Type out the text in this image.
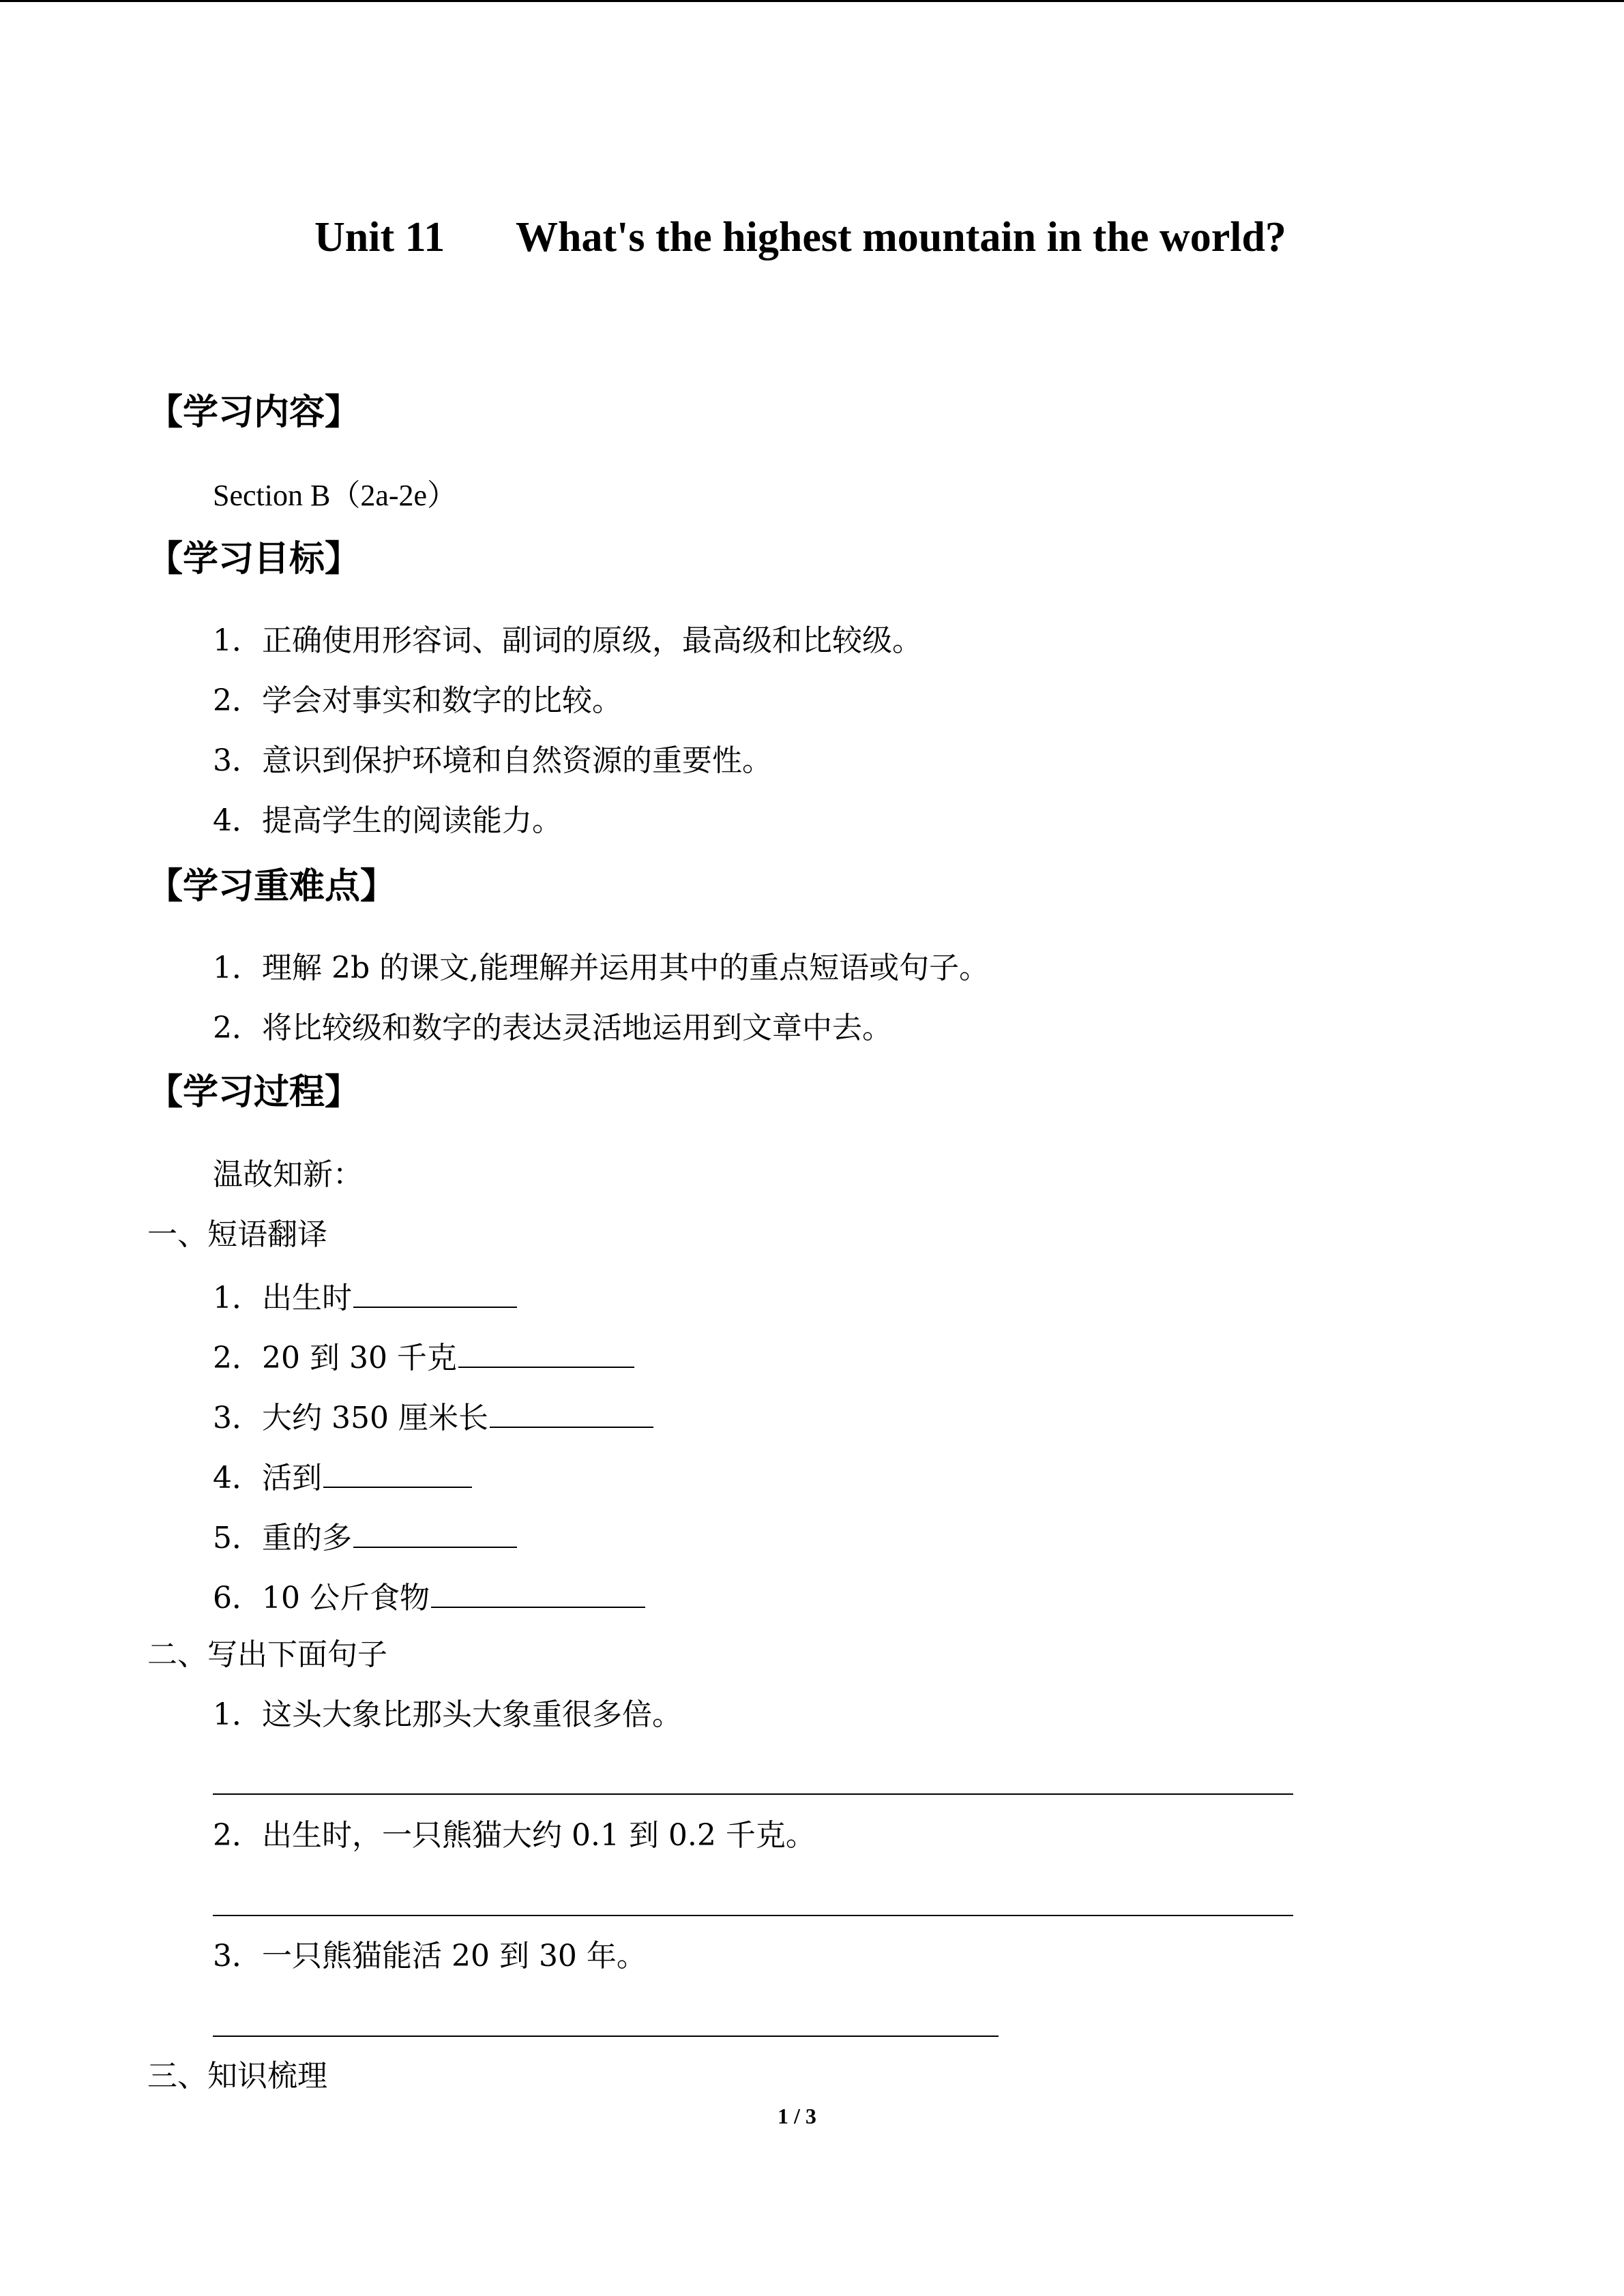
Unit 11 What's the highest mountain in the world?
【学习内容】
Section B（2a-2e）
【学习目标】
1．正确使用形容词、副词的原级，最高级和比较级。
2．学会对事实和数字的比较。
3．意识到保护环境和自然资源的重要性。
4．提高学生的阅读能力。
【学习重难点】
1．理解 2b 的课文,能理解并运用其中的重点短语或句子。
2．将比较级和数字的表达灵活地运用到文章中去。
【学习过程】
温故知新：
一、短语翻译
1．出生时
2．20 到 30 千克
3．大约 350 厘米长
4．活到
5．重的多
6．10 公斤食物
二、写出下面句子
1．这头大象比那头大象重很多倍。
2．出生时，一只熊猫大约 0.1 到 0.2 千克。
3．一只熊猫能活 20 到 30 年。
三、知识梳理
1 / 3
